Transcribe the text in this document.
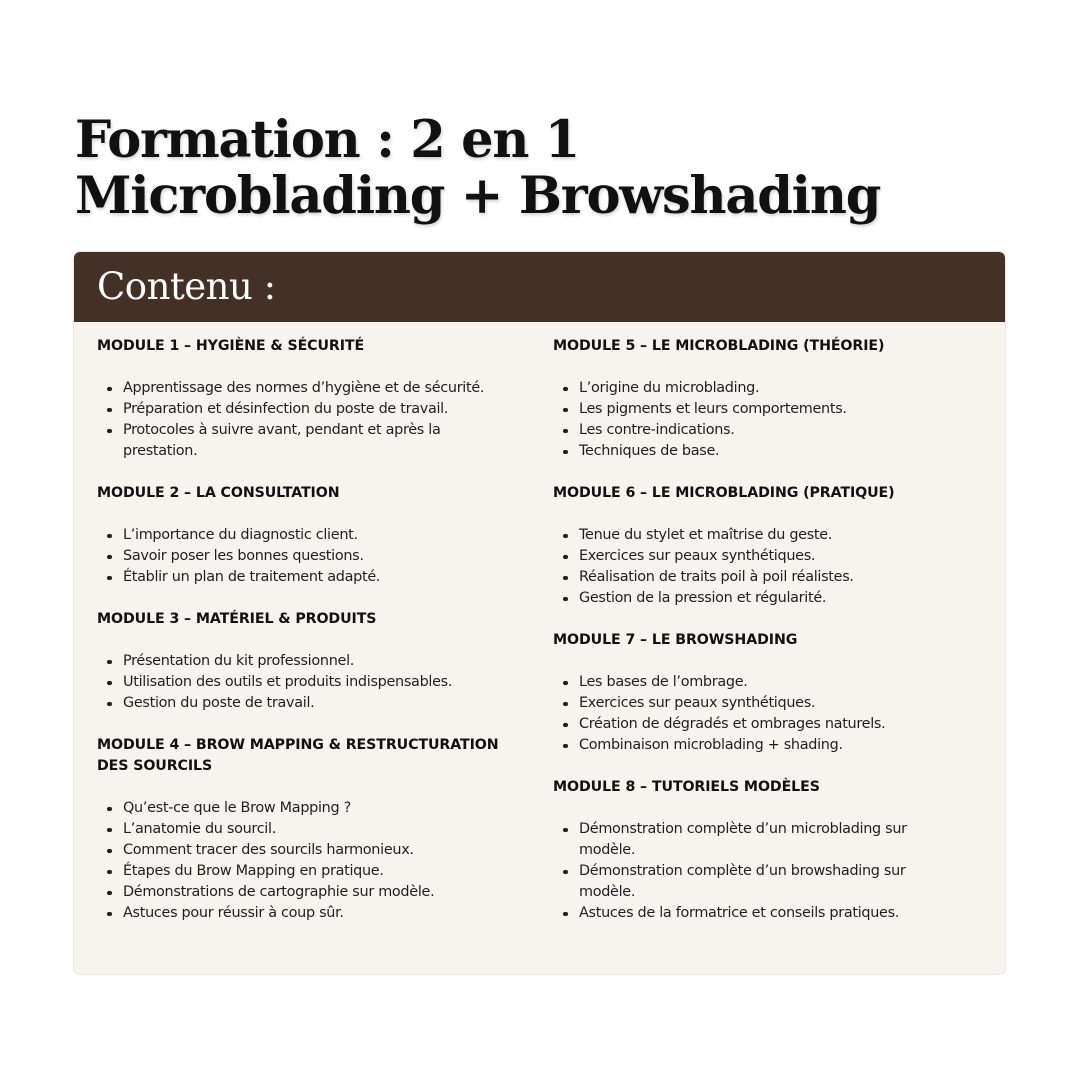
Formation : 2 en 1
Microblading + Browshading
Contenu :
MODULE 1 – HYGIÈNE & SÉCURITÉ
Apprentissage des normes d’hygiène et de sécurité.
Préparation et désinfection du poste de travail.
Protocoles à suivre avant, pendant et après la prestation.
MODULE 2 – LA CONSULTATION
L’importance du diagnostic client.
Savoir poser les bonnes questions.
Établir un plan de traitement adapté.
MODULE 3 – MATÉRIEL & PRODUITS
Présentation du kit professionnel.
Utilisation des outils et produits indispensables.
Gestion du poste de travail.
MODULE 4 – BROW MAPPING & RESTRUCTURATION DES SOURCILS
Qu’est-ce que le Brow Mapping ?
L’anatomie du sourcil.
Comment tracer des sourcils harmonieux.
Étapes du Brow Mapping en pratique.
Démonstrations de cartographie sur modèle.
Astuces pour réussir à coup sûr.
MODULE 5 – LE MICROBLADING (THÉORIE)
L’origine du microblading.
Les pigments et leurs comportements.
Les contre-indications.
Techniques de base.
MODULE 6 – LE MICROBLADING (PRATIQUE)
Tenue du stylet et maîtrise du geste.
Exercices sur peaux synthétiques.
Réalisation de traits poil à poil réalistes.
Gestion de la pression et régularité.
MODULE 7 – LE BROWSHADING
Les bases de l’ombrage.
Exercices sur peaux synthétiques.
Création de dégradés et ombrages naturels.
Combinaison microblading + shading.
MODULE 8 – TUTORIELS MODÈLES
Démonstration complète d’un microblading sur modèle.
Démonstration complète d’un browshading sur modèle.
Astuces de la formatrice et conseils pratiques.
